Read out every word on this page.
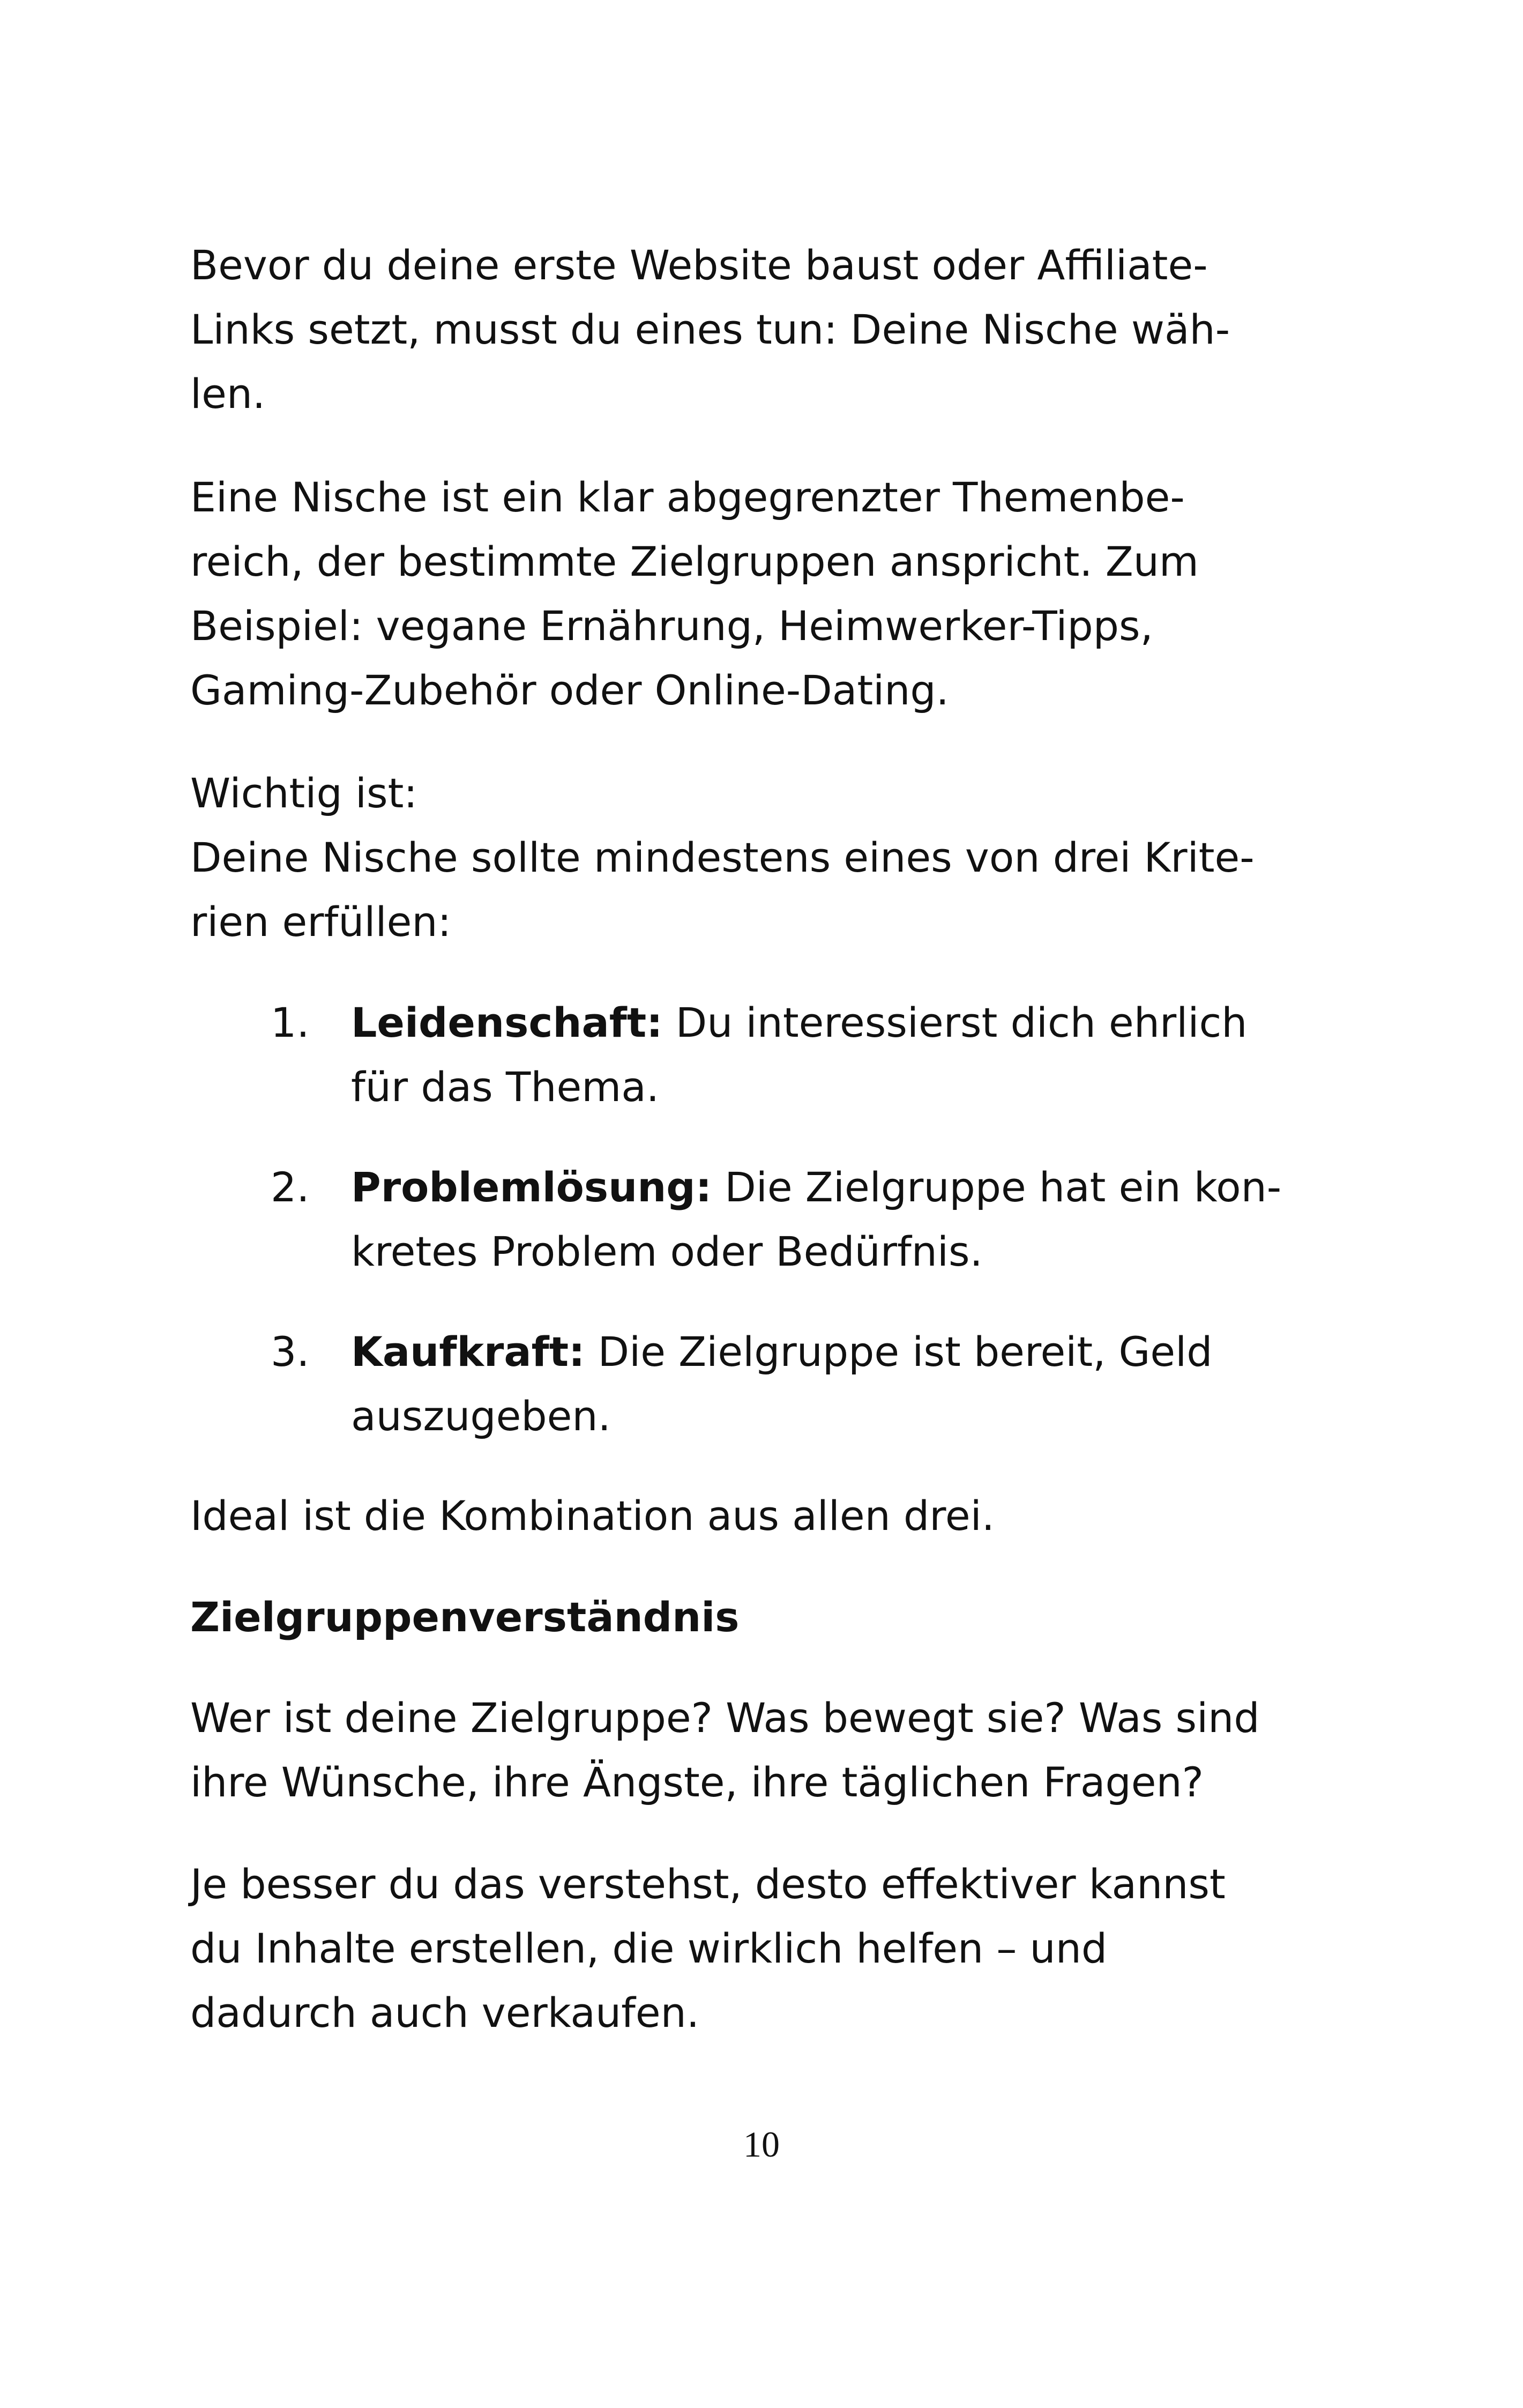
Bevor du deine erste Website baust oder Affiliate-
Links setzt, musst du eines tun: Deine Nische wäh-
len.

Eine Nische ist ein klar abgegrenzter Themenbe-
reich, der bestimmte Zielgruppen anspricht. Zum
Beispiel: vegane Ernährung, Heimwerker-Tipps,
Gaming-Zubehör oder Online-Dating.

Wichtig ist:
Deine Nische sollte mindestens eines von drei Krite-
rien erfüllen:

1. Leidenschaft: Du interessierst dich ehrlich
für das Thema.
2. Problemlösung: Die Zielgruppe hat ein kon-
kretes Problem oder Bedürfnis.
3. Kaufkraft: Die Zielgruppe ist bereit, Geld
auszugeben.

Ideal ist die Kombination aus allen drei.

Zielgruppenverständnis

Wer ist deine Zielgruppe? Was bewegt sie? Was sind
ihre Wünsche, ihre Ängste, ihre täglichen Fragen?

Je besser du das verstehst, desto effektiver kannst
du Inhalte erstellen, die wirklich helfen – und
dadurch auch verkaufen.

10
